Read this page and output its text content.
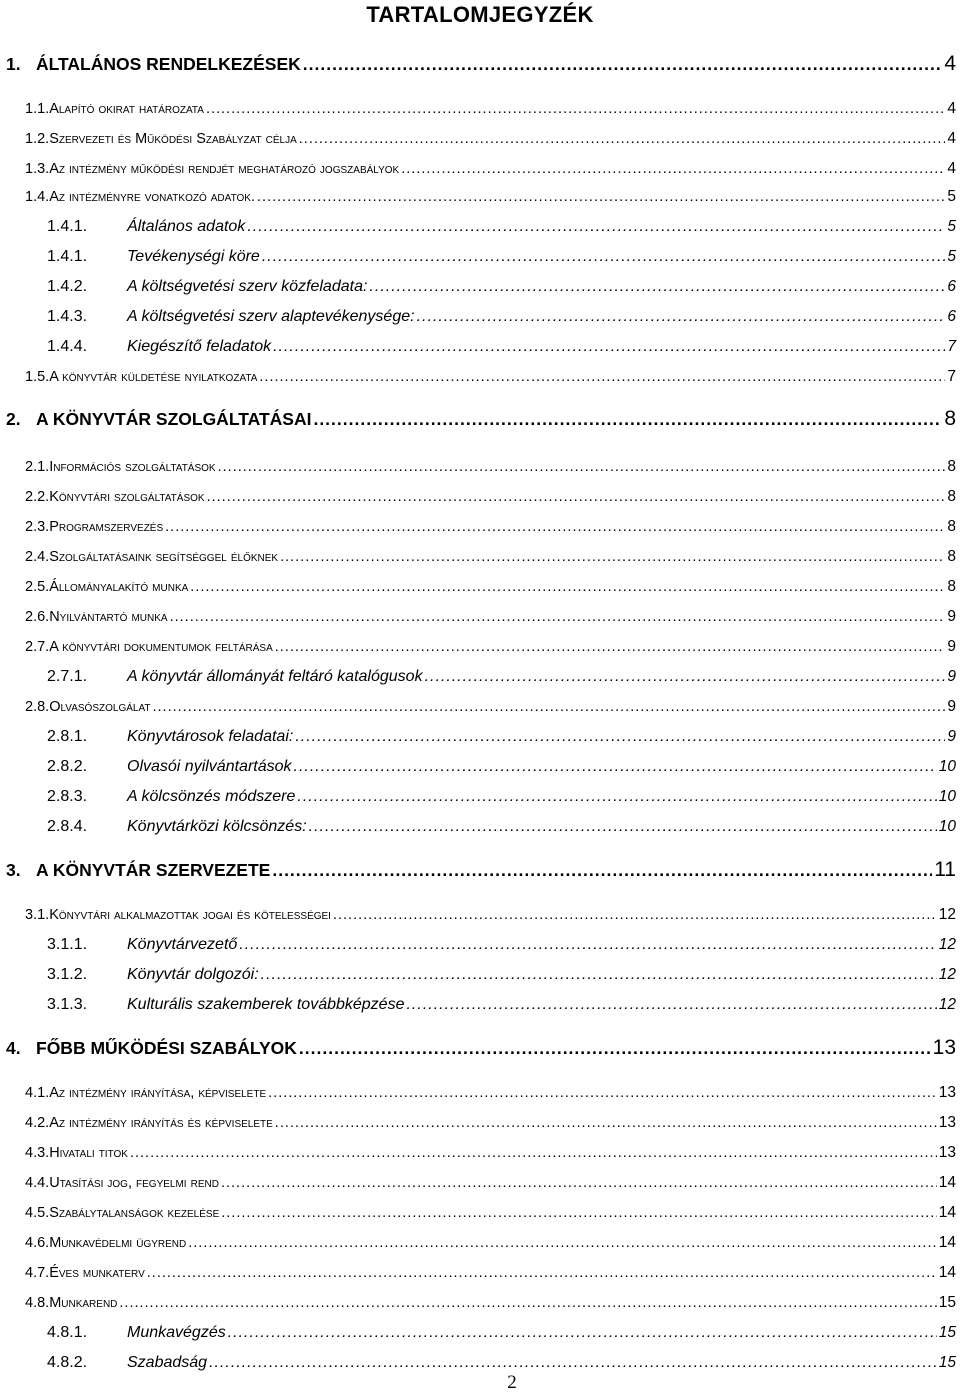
TARTALOMJEGYZÉK
1. ÁLTALÁNOS RENDELKEZÉSEK .....	4
1.1. Alapító okirat határozata .....	4
1.2. Szervezeti és Működési Szabályzat célja .....	4
1.3. Az intézmény működési rendjét meghatározó jogszabályok .....	4
1.4. Az intézményre vonatkozó adatok. .....	5
1.4.1.	Általános adatok .....	5
1.4.1.	Tevékenységi köre .....	5
1.4.2.	A költségvetési szerv közfeladata: .....	6
1.4.3.	A költségvetési szerv alaptevékenysége: .....	6
1.4.4.	Kiegészítő feladatok .....	7
1.5. A könyvtár küldetése nyilatkozata .....	7
2. A KÖNYVTÁR SZOLGÁLTATÁSAI .....	8
2.1. Információs szolgáltatások .....	8
2.2. Könyvtári szolgáltatások .....	8
2.3. Programszervezés .....	8
2.4. Szolgáltatásaink segítséggel élőknek .....	8
2.5. Állományalakító munka .....	8
2.6. Nyilvántartó munka .....	9
2.7. A könyvtári dokumentumok feltárása .....	9
2.7.1.	A könyvtár állományát feltáró katalógusok .....	9
2.8. Olvasószolgálat .....	9
2.8.1.	Könyvtárosok feladatai: .....	9
2.8.2.	Olvasói nyilvántartások .....	10
2.8.3.	A kölcsönzés módszere .....	10
2.8.4.	Könyvtárközi kölcsönzés: .....	10
3. A KÖNYVTÁR SZERVEZETE .....	11
3.1. Könyvtári alkalmazottak jogai és kötelességei .....	12
3.1.1.	Könyvtárvezető .....	12
3.1.2.	Könyvtár dolgozói: .....	12
3.1.3.	Kulturális szakemberek továbbképzése .....	12
4. FŐBB MŰKÖDÉSI SZABÁLYOK .....	13
4.1. Az intézmény irányítása, képviselete .....	13
4.2. Az intézmény irányítás és képviselete .....	13
4.3. Hivatali titok .....	13
4.4. Utasítási jog, fegyelmi rend .....	14
4.5. Szabálytalanságok kezelése .....	14
4.6. Munkavédelmi ügyrend .....	14
4.7. Éves munkaterv .....	14
4.8. Munkarend .....	15
4.8.1.	Munkavégzés .....	15
4.8.2.	Szabadság .....	15
2
